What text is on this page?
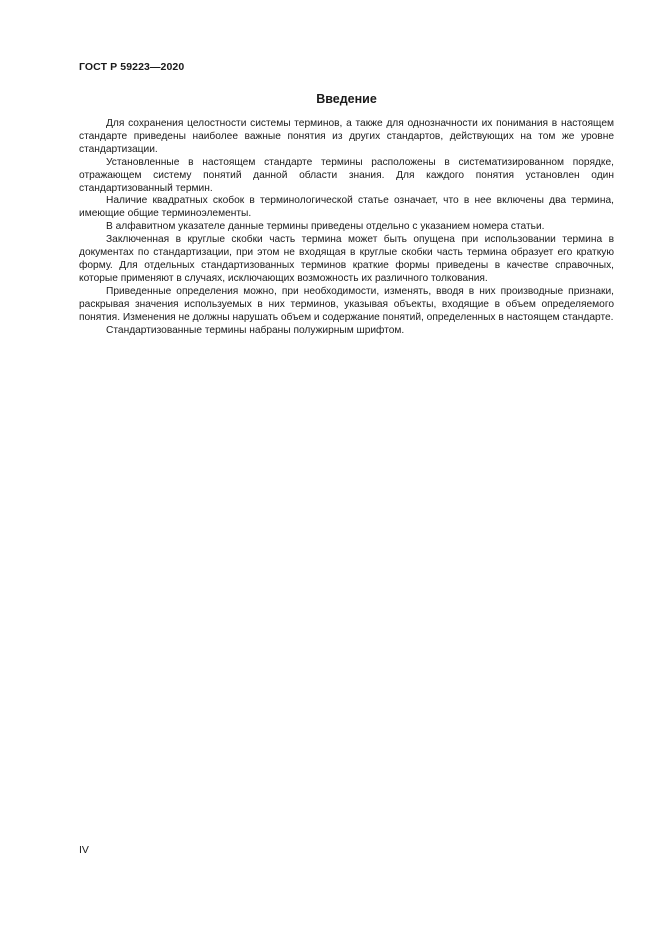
ГОСТ Р 59223—2020
Введение

Для сохранения целостности системы терминов, а также для однозначности их понимания в настоящем стандарте приведены наиболее важные понятия из других стандартов, действующих на том же уровне стандартизации.

Установленные в настоящем стандарте термины расположены в систематизированном порядке, отражающем систему понятий данной области знания. Для каждого понятия установлен один стандартизованный термин.

Наличие квадратных скобок в терминологической статье означает, что в нее включены два термина, имеющие общие терминоэлементы.

В алфавитном указателе данные термины приведены отдельно с указанием номера статьи.

Заключенная в круглые скобки часть термина может быть опущена при использовании термина в документах по стандартизации, при этом не входящая в круглые скобки часть термина образует его краткую форму. Для отдельных стандартизованных терминов краткие формы приведены в качестве справочных, которые применяют в случаях, исключающих возможность их различного толкования.

Приведенные определения можно, при необходимости, изменять, вводя в них производные признаки, раскрывая значения используемых в них терминов, указывая объекты, входящие в объем определяемого понятия. Изменения не должны нарушать объем и содержание понятий, определенных в настоящем стандарте.

Стандартизованные термины набраны полужирным шрифтом.

IV
